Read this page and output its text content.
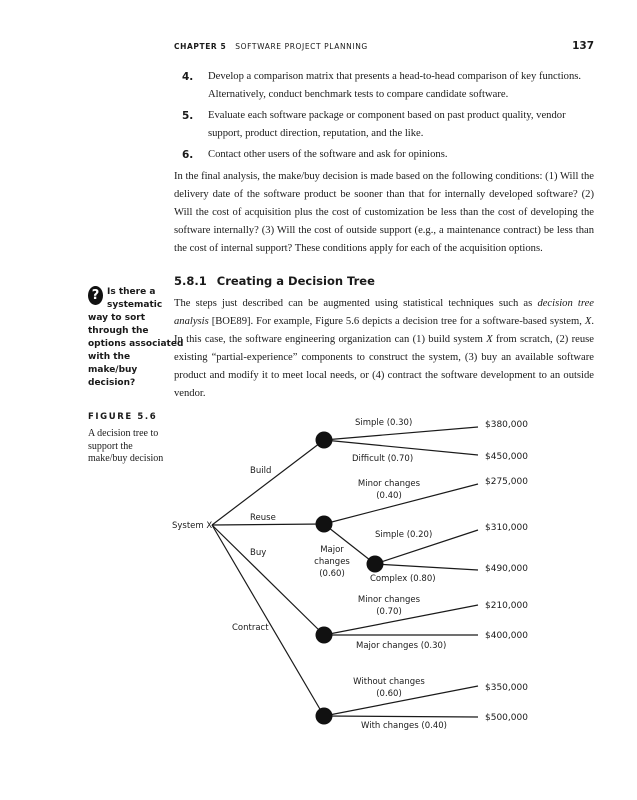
CHAPTER 5 SOFTWARE PROJECT PLANNING	137
4. Develop a comparison matrix that presents a head-to-head comparison of key functions. Alternatively, conduct benchmark tests to compare candidate software.
5. Evaluate each software package or component based on past product quality, vendor support, product direction, reputation, and the like.
6. Contact other users of the software and ask for opinions.

In the final analysis, the make/buy decision is made based on the following conditions: (1) Will the delivery date of the software product be sooner than that for internally developed software? (2) Will the cost of acquisition plus the cost of customization be less than the cost of developing the software internally? (3) Will the cost of outside support (e.g., a maintenance contract) be less than the cost of internal support? These conditions apply for each of the acquisition options.

5.8.1 Creating a Decision Tree

The steps just described can be augmented using statistical techniques such as decision tree analysis [BOE89]. For example, Figure 5.6 depicts a decision tree for a software-based system, X. In this case, the software engineering organization can (1) build system X from scratch, (2) reuse existing “partial-experience” components to construct the system, (3) buy an available software product and modify it to meet local needs, or (4) contract the software development to an outside vendor.

? Is there a
systematic
way to sort
through the
options associated
with the
make/buy
decision?
FIGURE 5.6
A decision tree to support the make/buy decision
System X
Build
Reuse
Buy
Contract
Simple (0.30)
Difficult (0.70)
$380,000
$450,000
Minor changes
(0.40)
$275,000
Major
changes
(0.60)
Simple (0.20)
Complex (0.80)
$310,000
$490,000
Minor changes
(0.70)
$210,000
Major changes (0.30)
$400,000
Without changes
(0.60)
$350,000
With changes (0.40)
$500,000
